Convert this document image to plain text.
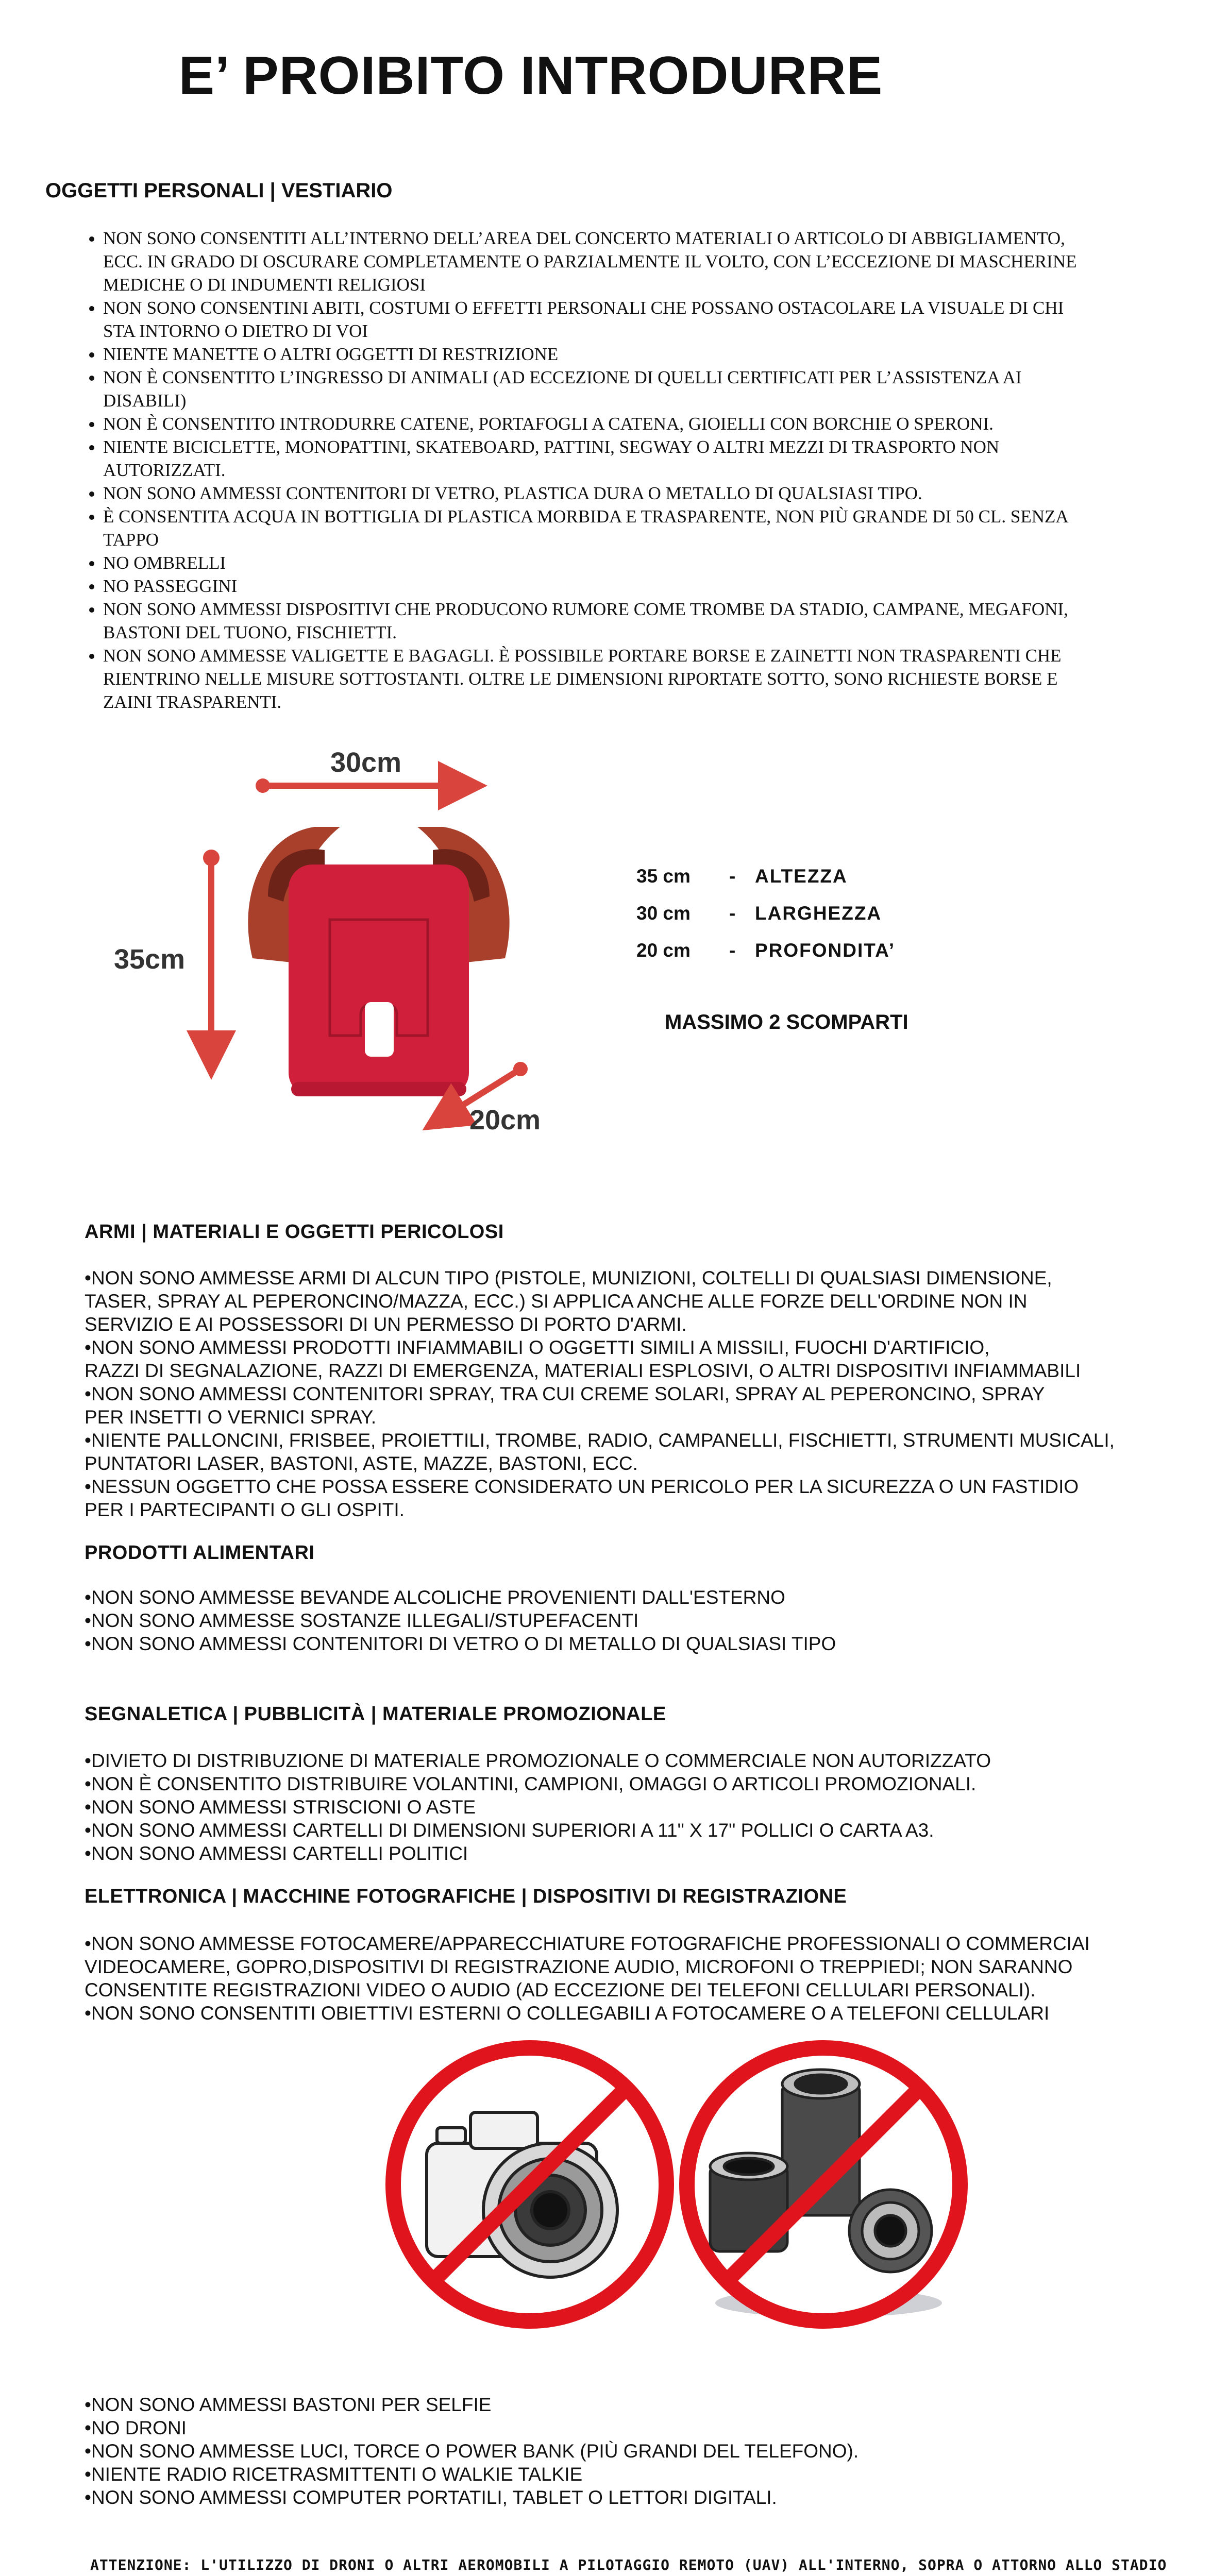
E’ PROIBITO INTRODURRE
OGGETTI PERSONALI | VESTIARIO
• NON SONO CONSENTITI ALL’INTERNO DELL’AREA DEL CONCERTO MATERIALI O ARTICOLO DI ABBIGLIAMENTO, ECC. IN GRADO DI OSCURARE COMPLETAMENTE O PARZIALMENTE IL VOLTO, CON L’ECCEZIONE DI MASCHERINE MEDICHE O DI INDUMENTI RELIGIOSI
• NON SONO CONSENTINI ABITI, COSTUMI O EFFETTI PERSONALI CHE POSSANO OSTACOLARE LA VISUALE DI CHI STA INTORNO O DIETRO DI VOI
• NIENTE MANETTE O ALTRI OGGETTI DI RESTRIZIONE
• NON È CONSENTITO L’INGRESSO DI ANIMALI (AD ECCEZIONE DI QUELLI CERTIFICATI PER L’ASSISTENZA AI DISABILI)
• NON È CONSENTITO INTRODURRE CATENE, PORTAFOGLI A CATENA, GIOIELLI CON BORCHIE O SPERONI.
• NIENTE BICICLETTE, MONOPATTINI, SKATEBOARD, PATTINI, SEGWAY O ALTRI MEZZI DI TRASPORTO NON AUTORIZZATI.
• NON SONO AMMESSI CONTENITORI DI VETRO, PLASTICA DURA O METALLO DI QUALSIASI TIPO.
• È CONSENTITA ACQUA IN BOTTIGLIA DI PLASTICA MORBIDA E TRASPARENTE, NON PIÙ GRANDE DI 50 CL. SENZA TAPPO
• NO OMBRELLI
• NO PASSEGGINI
• NON SONO AMMESSI DISPOSITIVI CHE PRODUCONO RUMORE COME TROMBE DA STADIO, CAMPANE, MEGAFONI, BASTONI DEL TUONO, FISCHIETTI.
• NON SONO AMMESSE VALIGETTE E BAGAGLI. È POSSIBILE PORTARE BORSE E ZAINETTI NON TRASPARENTI CHE RIENTRINO NELLE MISURE SOTTOSTANTI. OLTRE LE DIMENSIONI RIPORTATE SOTTO, SONO RICHIESTE BORSE E ZAINI TRASPARENTI.
30cm
35cm
20cm
35 cm - ALTEZZA
30 cm - LARGHEZZA
20 cm - PROFONDITA’
MASSIMO 2 SCOMPARTI
ARMI | MATERIALI E OGGETTI PERICOLOSI
•NON SONO AMMESSE ARMI DI ALCUN TIPO (PISTOLE, MUNIZIONI, COLTELLI DI QUALSIASI DIMENSIONE,
TASER, SPRAY AL PEPERONCINO/MAZZA, ECC.) SI APPLICA ANCHE ALLE FORZE DELL'ORDINE NON IN
SERVIZIO E AI POSSESSORI DI UN PERMESSO DI PORTO D'ARMI.
•NON SONO AMMESSI PRODOTTI INFIAMMABILI O OGGETTI SIMILI A MISSILI, FUOCHI D'ARTIFICIO,
RAZZI DI SEGNALAZIONE, RAZZI DI EMERGENZA, MATERIALI ESPLOSIVI, O ALTRI DISPOSITIVI INFIAMMABILI
•NON SONO AMMESSI CONTENITORI SPRAY, TRA CUI CREME SOLARI, SPRAY AL PEPERONCINO, SPRAY
PER INSETTI O VERNICI SPRAY.
•NIENTE PALLONCINI, FRISBEE, PROIETTILI, TROMBE, RADIO, CAMPANELLI, FISCHIETTI, STRUMENTI MUSICALI,
PUNTATORI LASER, BASTONI, ASTE, MAZZE, BASTONI, ECC.
•NESSUN OGGETTO CHE POSSA ESSERE CONSIDERATO UN PERICOLO PER LA SICUREZZA O UN FASTIDIO
PER I PARTECIPANTI O GLI OSPITI.
PRODOTTI ALIMENTARI
•NON SONO AMMESSE BEVANDE ALCOLICHE PROVENIENTI DALL'ESTERNO
•NON SONO AMMESSE SOSTANZE ILLEGALI/STUPEFACENTI
•NON SONO AMMESSI CONTENITORI DI VETRO O DI METALLO DI QUALSIASI TIPO
SEGNALETICA | PUBBLICITÀ | MATERIALE PROMOZIONALE
•DIVIETO DI DISTRIBUZIONE DI MATERIALE PROMOZIONALE O COMMERCIALE NON AUTORIZZATO
•NON È CONSENTITO DISTRIBUIRE VOLANTINI, CAMPIONI, OMAGGI O ARTICOLI PROMOZIONALI.
•NON SONO AMMESSI STRISCIONI O ASTE
•NON SONO AMMESSI CARTELLI DI DIMENSIONI SUPERIORI A 11" X 17" POLLICI O CARTA A3.
•NON SONO AMMESSI CARTELLI POLITICI
ELETTRONICA | MACCHINE FOTOGRAFICHE | DISPOSITIVI DI REGISTRAZIONE
•NON SONO AMMESSE FOTOCAMERE/APPARECCHIATURE FOTOGRAFICHE PROFESSIONALI O COMMERCIAI
VIDEOCAMERE, GOPRO,DISPOSITIVI DI REGISTRAZIONE AUDIO, MICROFONI O TREPPIEDI; NON SARANNO
CONSENTITE REGISTRAZIONI VIDEO O AUDIO (AD ECCEZIONE DEI TELEFONI CELLULARI PERSONALI).
•NON SONO CONSENTITI OBIETTIVI ESTERNI O COLLEGABILI A FOTOCAMERE O A TELEFONI CELLULARI
•NON SONO AMMESSI BASTONI PER SELFIE
•NO DRONI
•NON SONO AMMESSE LUCI, TORCE O POWER BANK (PIÙ GRANDI DEL TELEFONO).
•NIENTE RADIO RICETRASMITTENTI O WALKIE TALKIE
•NON SONO AMMESSI COMPUTER PORTATILI, TABLET O LETTORI DIGITALI.
ATTENZIONE: L'UTILIZZO DI DRONI O ALTRI AEROMOBILI A PILOTAGGIO REMOTO (UAV) ALL'INTERNO, SOPRA O ATTORNO ALLO STADIO
